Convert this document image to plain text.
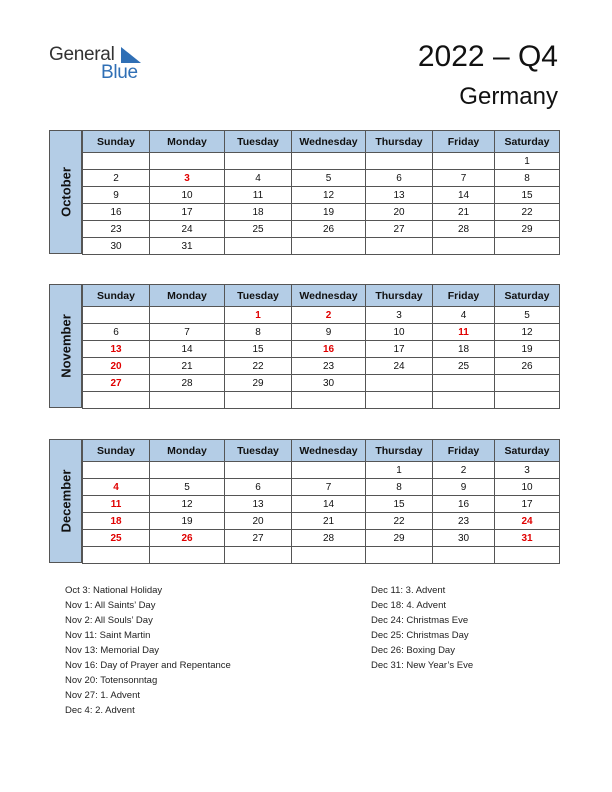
General
Blue	2022 – Q4
Germany
October
Sunday	Monday	Tuesday	Wednesday	Thursday	Friday	Saturday
						1
2	3	4	5	6	7	8
9	10	11	12	13	14	15
16	17	18	19	20	21	22
23	24	25	26	27	28	29
30	31					
November
Sunday	Monday	Tuesday	Wednesday	Thursday	Friday	Saturday
		1	2	3	4	5
6	7	8	9	10	11	12
13	14	15	16	17	18	19
20	21	22	23	24	25	26
27	28	29	30			

December
Sunday	Monday	Tuesday	Wednesday	Thursday	Friday	Saturday
				1	2	3
4	5	6	7	8	9	10
11	12	13	14	15	16	17
18	19	20	21	22	23	24
25	26	27	28	29	30	31

Oct 3: National Holiday
Nov 1: All Saints’ Day
Nov 2: All Souls’ Day
Nov 11: Saint Martin
Nov 13: Memorial Day
Nov 16: Day of Prayer and Repentance
Nov 20: Totensonntag
Nov 27: 1. Advent
Dec 4: 2. Advent
Dec 11: 3. Advent
Dec 18: 4. Advent
Dec 24: Christmas Eve
Dec 25: Christmas Day
Dec 26: Boxing Day
Dec 31: New Year’s Eve
